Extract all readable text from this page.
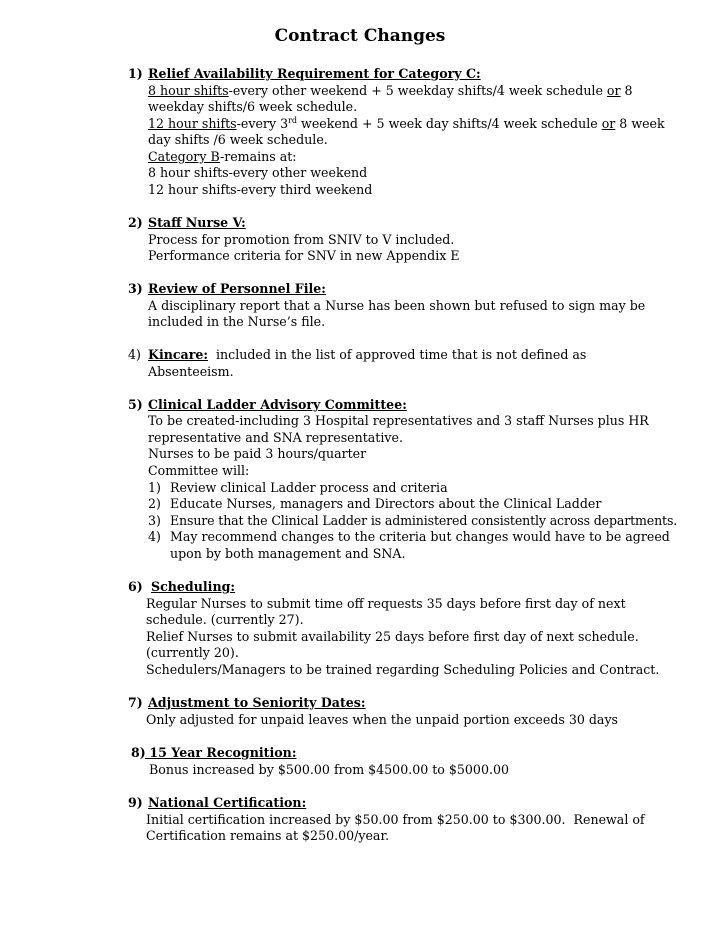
Contract Changes
1) Relief Availability Requirement for Category C:
8 hour shifts-every other weekend + 5 weekday shifts/4 week schedule or 8
weekday shifts/6 week schedule.
12 hour shifts-every 3rd weekend + 5 week day shifts/4 week schedule or 8 week
day shifts /6 week schedule.
Category B-remains at:
8 hour shifts-every other weekend
12 hour shifts-every third weekend
2) Staff Nurse V:
Process for promotion from SNIV to V included.
Performance criteria for SNV in new Appendix E
3) Review of Personnel File:
A disciplinary report that a Nurse has been shown but refused to sign may be
included in the Nurse’s file.
4) Kincare:  included in the list of approved time that is not defined as
Absenteeism.
5) Clinical Ladder Advisory Committee:
To be created-including 3 Hospital representatives and 3 staff Nurses plus HR
representative and SNA representative.
Nurses to be paid 3 hours/quarter
Committee will:
1) Review clinical Ladder process and criteria
2) Educate Nurses, managers and Directors about the Clinical Ladder
3) Ensure that the Clinical Ladder is administered consistently across departments.
4) May recommend changes to the criteria but changes would have to be agreed
upon by both management and SNA.
6) Scheduling:
Regular Nurses to submit time off requests 35 days before first day of next
schedule. (currently 27).
Relief Nurses to submit availability 25 days before first day of next schedule.
(currently 20).
Schedulers/Managers to be trained regarding Scheduling Policies and Contract.
7) Adjustment to Seniority Dates:
Only adjusted for unpaid leaves when the unpaid portion exceeds 30 days
8) 15 Year Recognition:
Bonus increased by $500.00 from $4500.00 to $5000.00
9) National Certification:
Initial certification increased by $50.00 from $250.00 to $300.00.  Renewal of
Certification remains at $250.00/year.
